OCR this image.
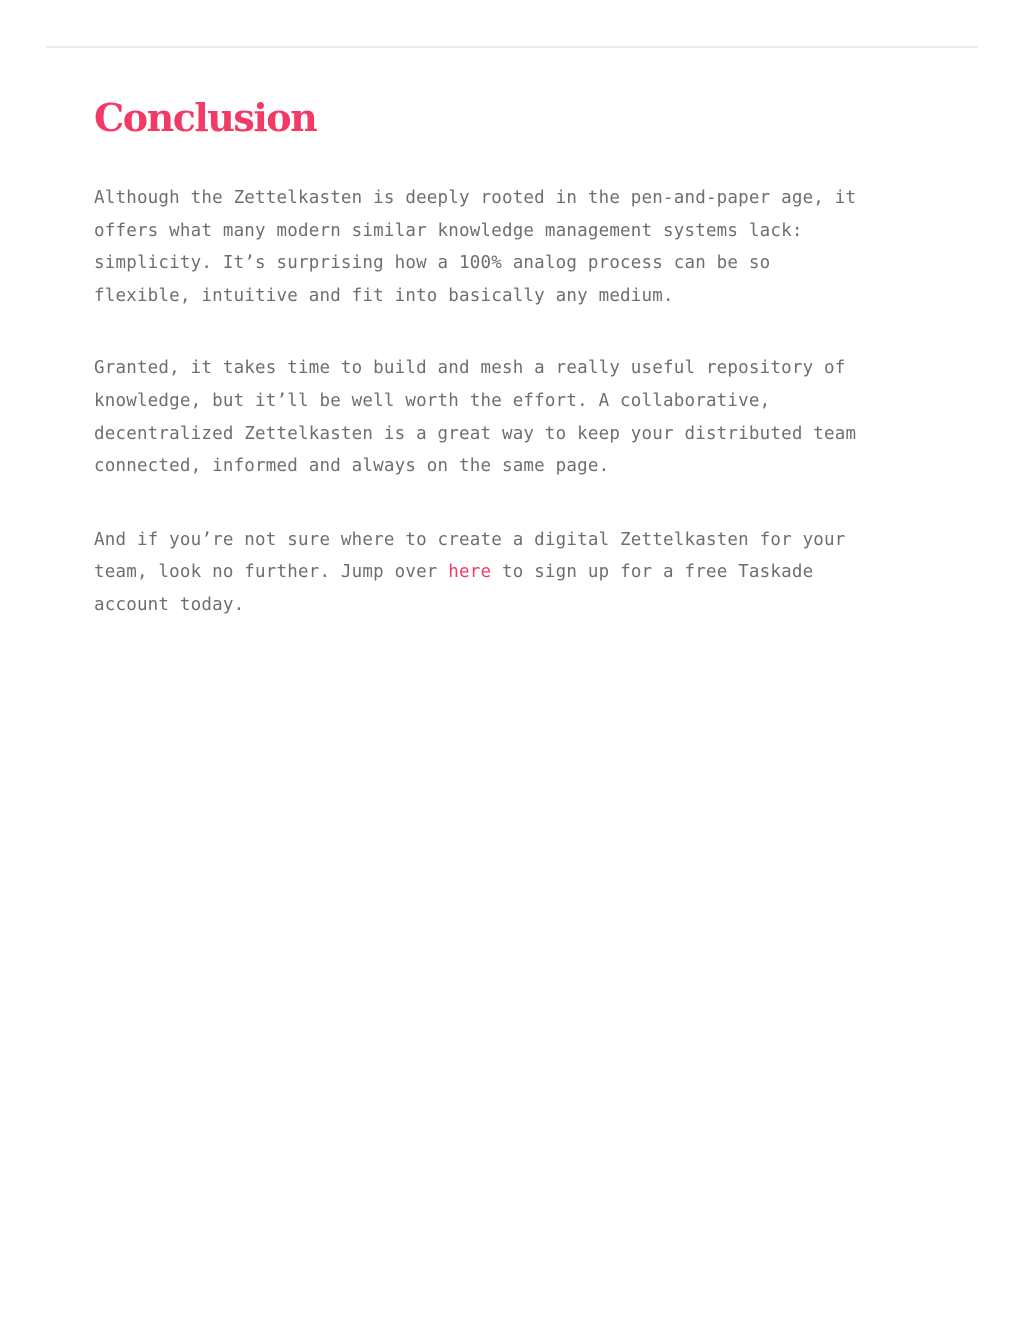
Conclusion

Although the Zettelkasten is deeply rooted in the pen-and-paper age, it
offers what many modern similar knowledge management systems lack:
simplicity. It’s surprising how a 100% analog process can be so
flexible, intuitive and fit into basically any medium.

Granted, it takes time to build and mesh a really useful repository of
knowledge, but it’ll be well worth the effort. A collaborative,
decentralized Zettelkasten is a great way to keep your distributed team
connected, informed and always on the same page.

And if you’re not sure where to create a digital Zettelkasten for your
team, look no further. Jump over here to sign up for a free Taskade
account today.
